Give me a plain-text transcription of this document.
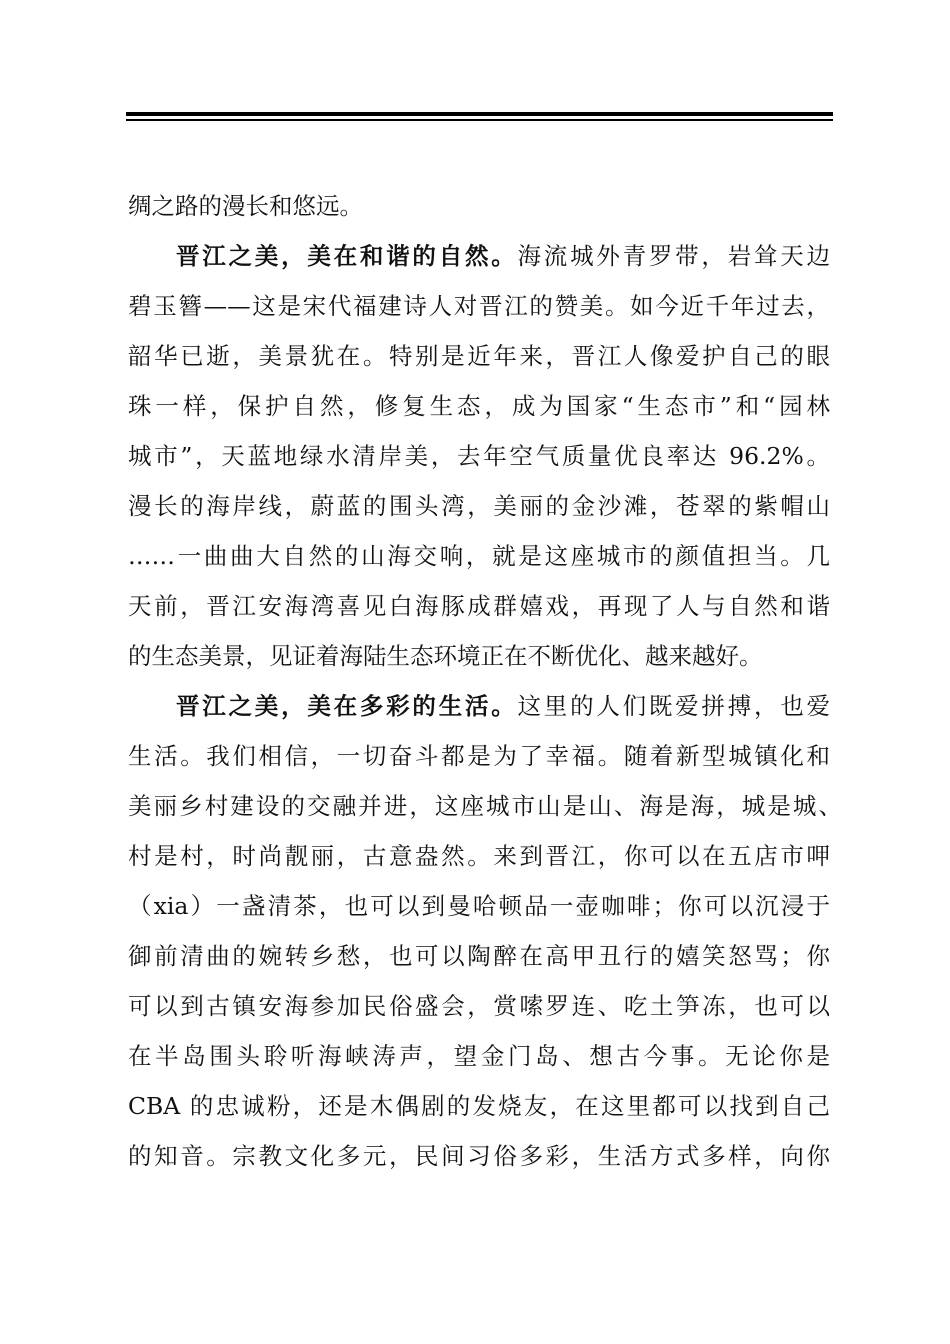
绸之路的漫长和悠远。
晋江之美，美在和谐的自然。海流城外青罗带，岩耸天边
碧玉簪——这是宋代福建诗人对晋江的赞美。如今近千年过去，
韶华已逝，美景犹在。特别是近年来，晋江人像爱护自己的眼
珠一样，保护自然，修复生态，成为国家“生态市”和“园林
城市”，天蓝地绿水清岸美，去年空气质量优良率达 96.2%。
漫长的海岸线，蔚蓝的围头湾，美丽的金沙滩，苍翠的紫帽山
……一曲曲大自然的山海交响，就是这座城市的颜值担当。几
天前，晋江安海湾喜见白海豚成群嬉戏，再现了人与自然和谐
的生态美景，见证着海陆生态环境正在不断优化、越来越好。
晋江之美，美在多彩的生活。这里的人们既爱拼搏，也爱
生活。我们相信，一切奋斗都是为了幸福。随着新型城镇化和
美丽乡村建设的交融并进，这座城市山是山、海是海，城是城、
村是村，时尚靓丽，古意盎然。来到晋江，你可以在五店市呷
（xia）一盏清茶，也可以到曼哈顿品一壶咖啡；你可以沉浸于
御前清曲的婉转乡愁，也可以陶醉在高甲丑行的嬉笑怒骂；你
可以到古镇安海参加民俗盛会，赏嗦罗连、吃土笋冻，也可以
在半岛围头聆听海峡涛声，望金门岛、想古今事。无论你是
CBA 的忠诚粉，还是木偶剧的发烧友，在这里都可以找到自己
的知音。宗教文化多元，民间习俗多彩，生活方式多样，向你
